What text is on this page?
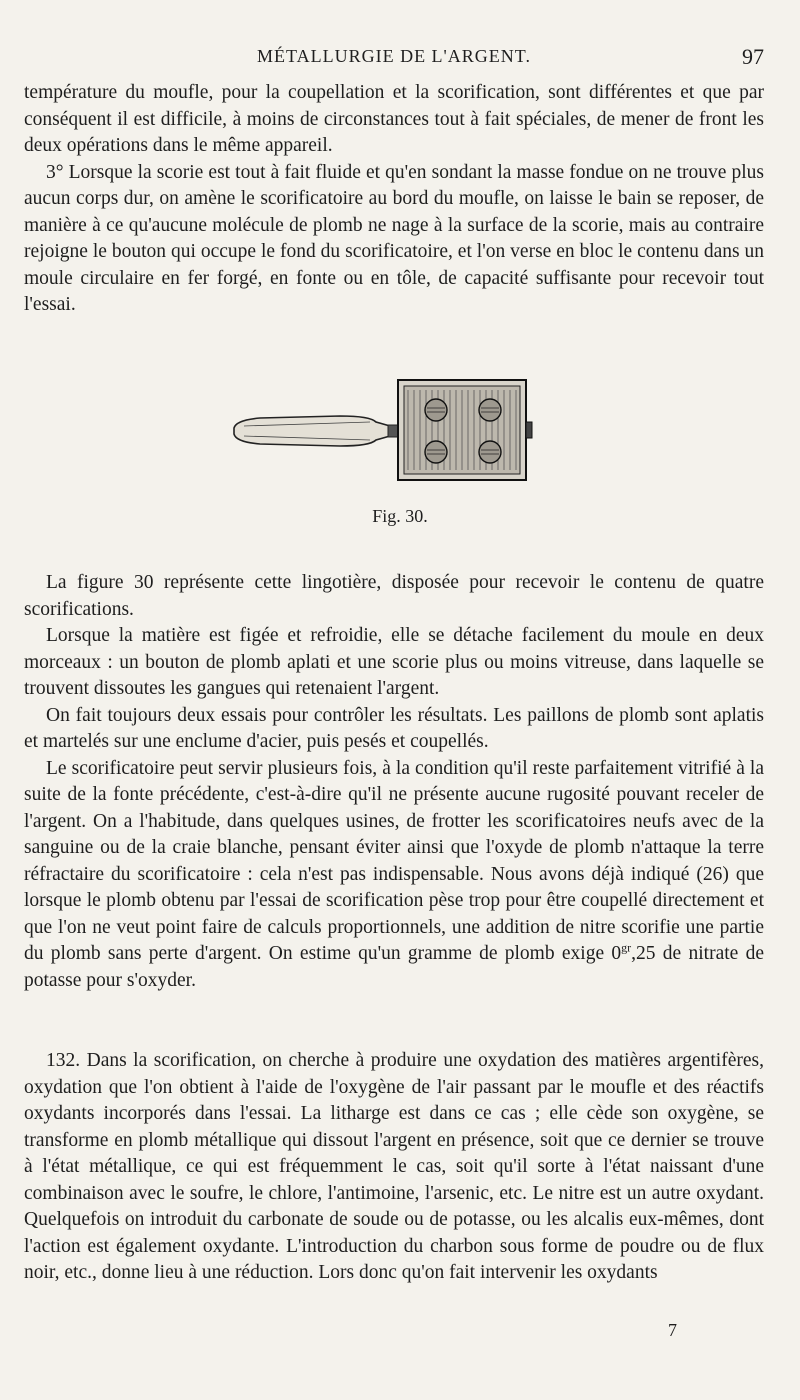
MÉTALLURGIE DE L'ARGENT.	97

température du moufle, pour la coupellation et la scorification, sont différentes et que par conséquent il est difficile, à moins de circonstances tout à fait spéciales, de mener de front les deux opérations dans le même appareil.

3° Lorsque la scorie est tout à fait fluide et qu'en sondant la masse fondue on ne trouve plus aucun corps dur, on amène le scorificatoire au bord du moufle, on laisse le bain se reposer, de manière à ce qu'aucune molécule de plomb ne nage à la surface de la scorie, mais au contraire rejoigne le bouton qui occupe le fond du scorificatoire, et l'on verse en bloc le contenu dans un moule circulaire en fer forgé, en fonte ou en tôle, de capacité suffisante pour recevoir tout l'essai.

Fig. 30.

La figure 30 représente cette lingotière, disposée pour recevoir le contenu de quatre scorifications.

Lorsque la matière est figée et refroidie, elle se détache facilement du moule en deux morceaux : un bouton de plomb aplati et une scorie plus ou moins vitreuse, dans laquelle se trouvent dissoutes les gangues qui retenaient l'argent.

On fait toujours deux essais pour contrôler les résultats. Les paillons de plomb sont aplatis et martelés sur une enclume d'acier, puis pesés et coupellés.

Le scorificatoire peut servir plusieurs fois, à la condition qu'il reste parfaitement vitrifié à la suite de la fonte précédente, c'est-à-dire qu'il ne présente aucune rugosité pouvant receler de l'argent. On a l'habitude, dans quelques usines, de frotter les scorificatoires neufs avec de la sanguine ou de la craie blanche, pensant éviter ainsi que l'oxyde de plomb n'attaque la terre réfractaire du scorificatoire : cela n'est pas indispensable. Nous avons déjà indiqué (26) que lorsque le plomb obtenu par l'essai de scorification pèse trop pour être coupellé directement et que l'on ne veut point faire de calculs proportionnels, une addition de nitre scorifie une partie du plomb sans perte d'argent. On estime qu'un gramme de plomb exige $0^{gr},25$ de nitrate de potasse pour s'oxyder.

132. Dans la scorification, on cherche à produire une oxydation des matières argentifères, oxydation que l'on obtient à l'aide de l'oxygène de l'air passant par le moufle et des réactifs oxydants incorporés dans l'essai. La litharge est dans ce cas ; elle cède son oxygène, se transforme en plomb métallique qui dissout l'argent en présence, soit que ce dernier se trouve à l'état métallique, ce qui est fréquemment le cas, soit qu'il sorte à l'état naissant d'une combinaison avec le soufre, le chlore, l'antimoine, l'arsenic, etc. Le nitre est un autre oxydant. Quelquefois on introduit du carbonate de soude ou de potasse, ou les alcalis eux-mêmes, dont l'action est également oxydante. L'introduction du charbon sous forme de poudre ou de flux noir, etc., donne lieu à une réduction. Lors donc qu'on fait intervenir les oxydants

7
